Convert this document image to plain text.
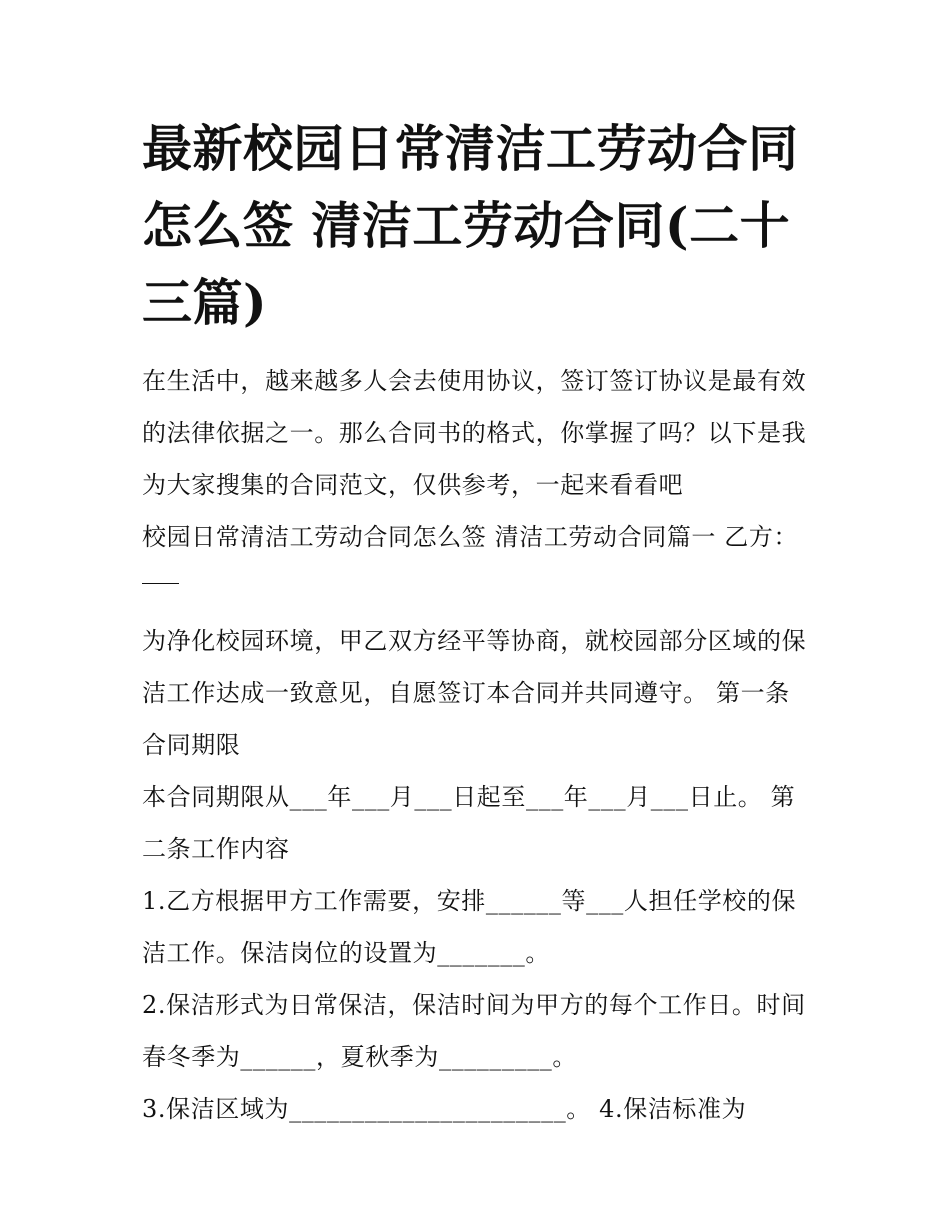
最新校园日常清洁工劳动合同
怎么签 清洁工劳动合同(二十
三篇)
在生活中，越来越多人会去使用协议，签订签订协议是最有效
的法律依据之一。那么合同书的格式，你掌握了吗？以下是我
为大家搜集的合同范文，仅供参考，一起来看看吧
校园日常清洁工劳动合同怎么签 清洁工劳动合同篇一 乙方：
为净化校园环境，甲乙双方经平等协商，就校园部分区域的保
洁工作达成一致意见，自愿签订本合同并共同遵守。 第一条
合同期限
本合同期限从___年___月___日起至___年___月___日止。 第
二条工作内容
1.乙方根据甲方工作需要，安排______等___人担任学校的保
洁工作。保洁岗位的设置为_______。
2.保洁形式为日常保洁，保洁时间为甲方的每个工作日。时间
春冬季为______，夏秋季为_________。
3.保洁区域为______________________。 4.保洁标准为
